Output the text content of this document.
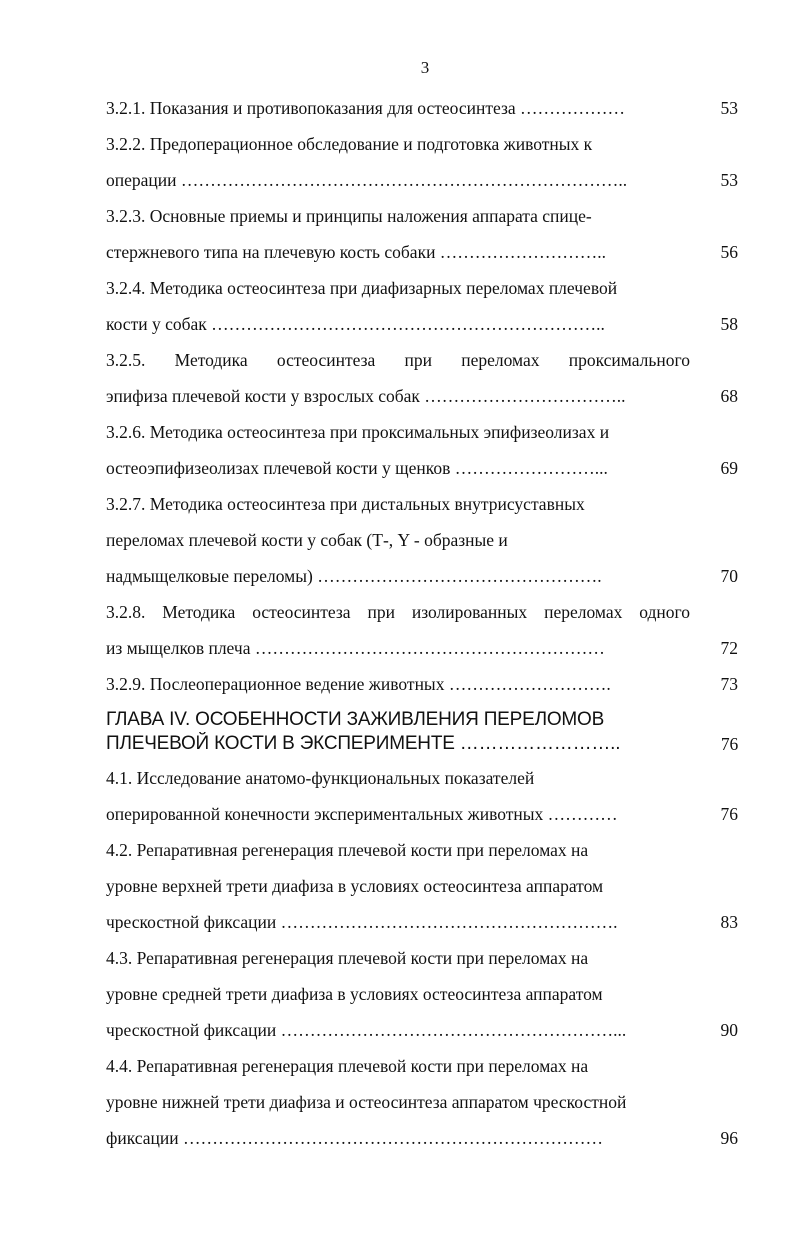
3
3.2.1. Показания и противопоказания для остеосинтеза ………………	53
3.2.2. Предоперационное обследование и подготовка животных к
операции …………………………………………………………………..	53
3.2.3. Основные приемы и принципы наложения аппарата спице-
стержневого типа на плечевую кость собаки ………………………..	56
3.2.4. Методика остеосинтеза при диафизарных переломах плечевой
кости у собак …………………………………………………………..	58
3.2.5. Методика остеосинтеза при переломах проксимального
эпифиза плечевой кости у взрослых собак ……………………………..	68
3.2.6. Методика остеосинтеза при проксимальных эпифизеолизах и
остеоэпифизеолизах плечевой кости у щенков ……………………...	69
3.2.7. Методика остеосинтеза при дистальных внутрисуставных
переломах плечевой кости у собак (Т-, Y - образные и
надмыщелковые переломы) ………………………………………….	70
3.2.8. Методика остеосинтеза при изолированных переломах одного
из мыщелков плеча ……………………………………………………	72
3.2.9. Послеоперационное ведение животных ……………………….	73
ГЛАВА IV. ОСОБЕННОСТИ ЗАЖИВЛЕНИЯ ПЕРЕЛОМОВ
ПЛЕЧЕВОЙ КОСТИ В ЭКСПЕРИМЕНТЕ ……………………..	76
4.1. Исследование анатомо-функциональных показателей
оперированной конечности экспериментальных животных …………	76
4.2. Репаративная регенерация плечевой кости при переломах на
уровне верхней трети диафиза в условиях остеосинтеза аппаратом
чрескостной фиксации ………………………………………………….	83
4.3. Репаративная регенерация плечевой кости при переломах на
уровне средней трети диафиза в условиях остеосинтеза аппаратом
чрескостной фиксации …………………………………………………...	90
4.4. Репаративная регенерация плечевой кости при переломах на
уровне нижней трети диафиза и остеосинтеза аппаратом чрескостной
фиксации ………………………………………………………………	96
